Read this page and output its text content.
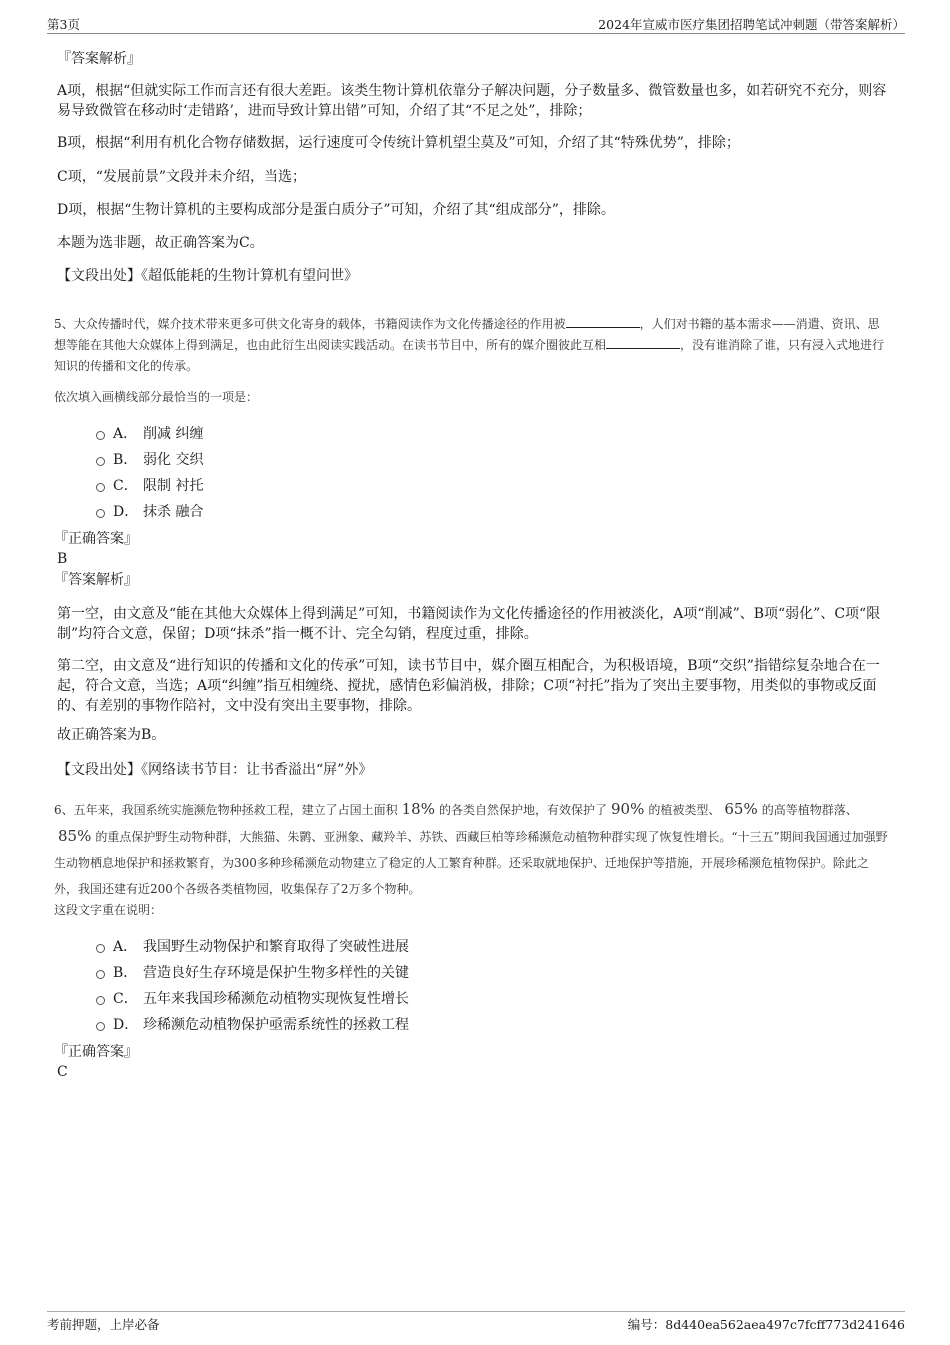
第3页	2024年宣威市医疗集团招聘笔试冲刺题（带答案解析）
『答案解析』
A项，根据“但就实际工作而言还有很大差距。该类生物计算机依靠分子解决问题，分子数量多、微管数量也多，如若研究不充分，则容易导致微管在移动时‘走错路’，进而导致计算出错”可知，介绍了其“不足之处”，排除；
B项，根据“利用有机化合物存储数据，运行速度可令传统计算机望尘莫及”可知，介绍了其“特殊优势”，排除；
C项，“发展前景”文段并未介绍，当选；
D项，根据“生物计算机的主要构成部分是蛋白质分子”可知，介绍了其“组成部分”，排除。
本题为选非题，故正确答案为C。
【文段出处】《超低能耗的生物计算机有望问世》
5、大众传播时代，媒介技术带来更多可供文化寄身的载体，书籍阅读作为文化传播途径的作用被	，人们对书籍的基本需求——消遣、资讯、思想等能在其他大众媒体上得到满足，也由此衍生出阅读实践活动。在读书节目中，所有的媒介圈彼此互相	，没有谁消除了谁，只有浸入式地进行知识的传播和文化的传承。
依次填入画横线部分最恰当的一项是：
A． 削减 纠缠
B． 弱化 交织
C． 限制 衬托
D． 抹杀 融合
『正确答案』
B
『答案解析』
第一空，由文意及“能在其他大众媒体上得到满足”可知，书籍阅读作为文化传播途径的作用被淡化，A项“削减”、B项“弱化”、C项“限制”均符合文意，保留；D项“抹杀”指一概不计、完全勾销，程度过重，排除。
第二空，由文意及“进行知识的传播和文化的传承”可知，读书节目中，媒介圈互相配合，为积极语境，B项“交织”指错综复杂地合在一起，符合文意，当选；A项“纠缠”指互相缠绕、搅扰，感情色彩偏消极，排除；C项“衬托”指为了突出主要事物，用类似的事物或反面的、有差别的事物作陪衬，文中没有突出主要事物，排除。
故正确答案为B。
【文段出处】《网络读书节目：让书香溢出“屏”外》
6、五年来，我国系统实施濒危物种拯救工程，建立了占国土面积 18% 的各类自然保护地，有效保护了 90% 的植被类型、 65% 的高等植物群落、85% 的重点保护野生动物种群，大熊猫、朱鹮、亚洲象、藏羚羊、苏铁、西藏巨柏等珍稀濒危动植物种群实现了恢复性增长。“十三五”期间我国通过加强野生动物栖息地保护和拯救繁育，为300多种珍稀濒危动物建立了稳定的人工繁育种群。还采取就地保护、迁地保护等措施，开展珍稀濒危植物保护。除此之外，我国还建有近200个各级各类植物园，收集保存了2万多个物种。
这段文字重在说明：
A． 我国野生动物保护和繁育取得了突破性进展
B． 营造良好生存环境是保护生物多样性的关键
C． 五年来我国珍稀濒危动植物实现恢复性增长
D． 珍稀濒危动植物保护亟需系统性的拯救工程
『正确答案』
C
考前押题，上岸必备	编号：8d440ea562aea497c7fcff773d241646
